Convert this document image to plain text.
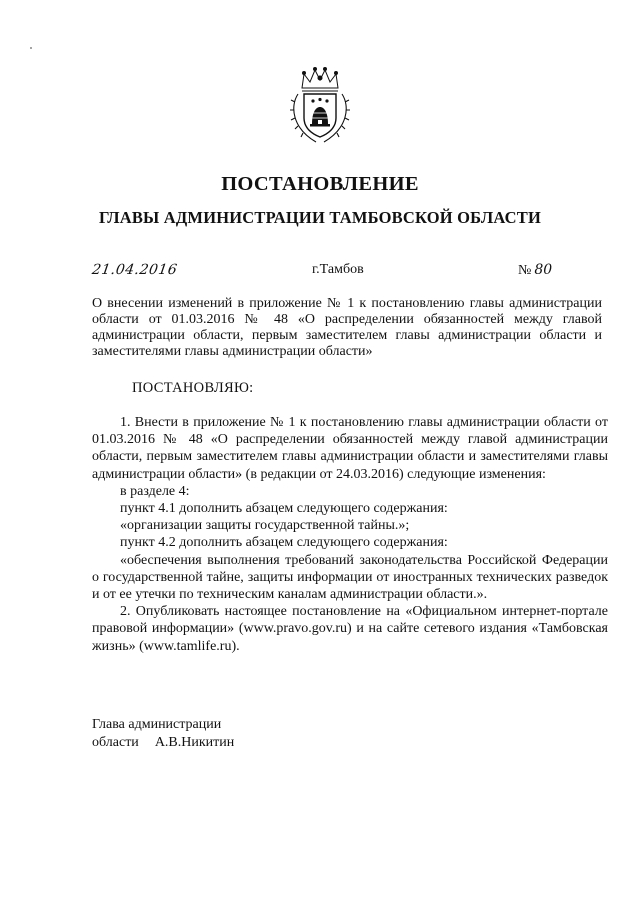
ПОСТАНОВЛЕНИЕ
ГЛАВЫ АДМИНИСТРАЦИИ ТАМБОВСКОЙ ОБЛАСТИ
21.04.2016	г.Тамбов	№ 80
О внесении изменений в приложение № 1 к постановлению главы администрации области от 01.03.2016 № 48 «О распределении обязанностей между главой администрации области, первым заместителем главы администрации области и заместителями главы администрации области»
ПОСТАНОВЛЯЮ:

1. Внести в приложение № 1 к постановлению главы администрации области от 01.03.2016 № 48 «О распределении обязанностей между главой администрации области, первым заместителем главы администрации области и заместителями главы администрации области» (в редакции от 24.03.2016) следующие изменения:

в разделе 4:

пункт 4.1 дополнить абзацем следующего содержания:

«организации защиты государственной тайны.»;

пункт 4.2 дополнить абзацем следующего содержания:

«обеспечения выполнения требований законодательства Российской Федерации о государственной тайне, защиты информации от иностранных технических разведок и от ее утечки по техническим каналам администрации области.».

2. Опубликовать настоящее постановление на «Официальном интернет-портале правовой информации» (www.pravo.gov.ru) и на сайте сетевого издания «Тамбовская жизнь» (www.tamlife.ru).

Глава администрации
области А.В.Никитин
